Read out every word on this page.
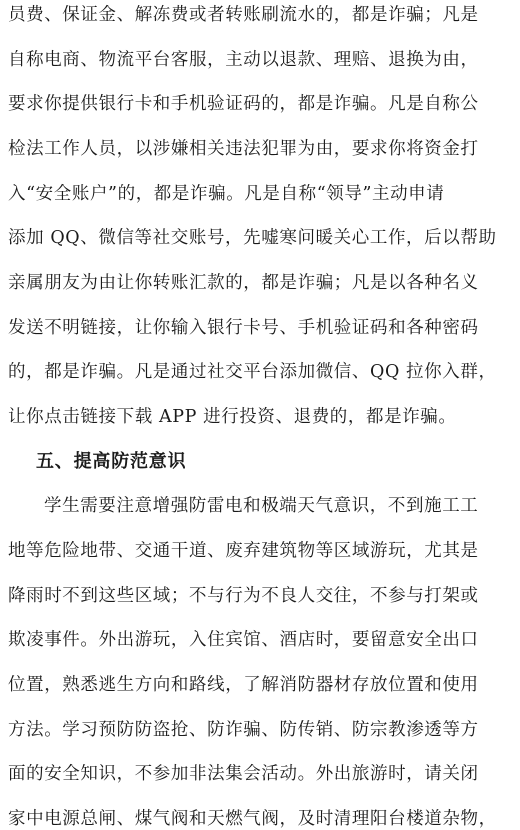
员费、保证金、解冻费或者转账刷流水的，都是诈骗；凡是
自称电商、物流平台客服，主动以退款、理赔、退换为由，
要求你提供银行卡和手机验证码的，都是诈骗。凡是自称公
检法工作人员，以涉嫌相关违法犯罪为由，要求你将资金打
入“安全账户”的，都是诈骗。凡是自称“领导”主动申请
添加 QQ、微信等社交账号，先嘘寒问暖关心工作，后以帮助
亲属朋友为由让你转账汇款的，都是诈骗；凡是以各种名义
发送不明链接，让你输入银行卡号、手机验证码和各种密码
的，都是诈骗。凡是通过社交平台添加微信、QQ 拉你入群，
让你点击链接下载 APP 进行投资、退费的，都是诈骗。
五、提高防范意识
学生需要注意增强防雷电和极端天气意识，不到施工工
地等危险地带、交通干道、废弃建筑物等区域游玩，尤其是
降雨时不到这些区域；不与行为不良人交往，不参与打架或
欺凌事件。外出游玩，入住宾馆、酒店时，要留意安全出口
位置，熟悉逃生方向和路线，了解消防器材存放位置和使用
方法。学习预防防盗抢、防诈骗、防传销、防宗教渗透等方
面的安全知识，不参加非法集会活动。外出旅游时，请关闭
家中电源总闸、煤气阀和天燃气阀，及时清理阳台楼道杂物，
